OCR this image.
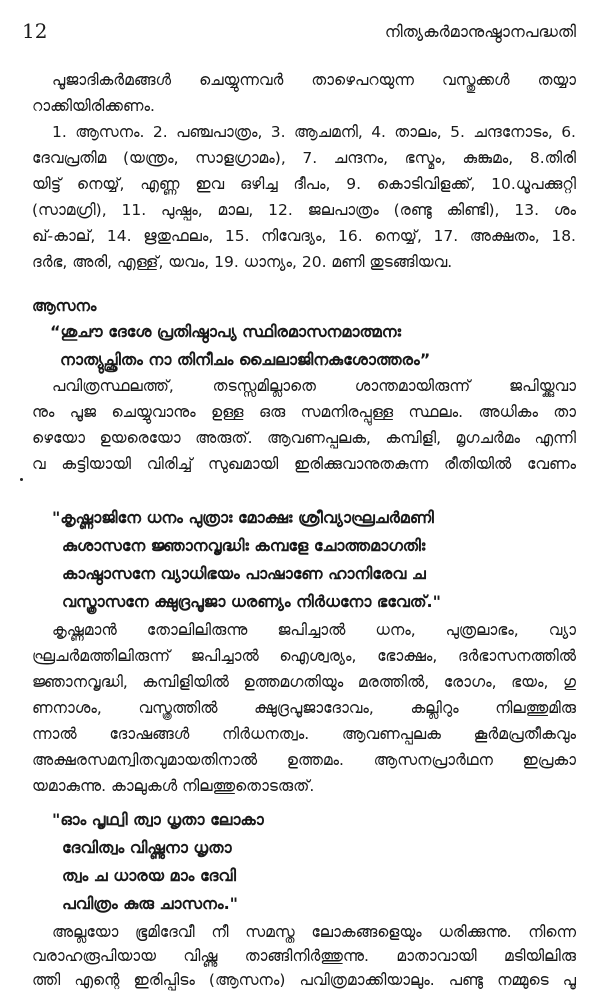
12	നിത്യകർമാനുഷ്ഠാനപദ്ധതി
പൂജാദികർമങ്ങൾ ചെയ്യുന്നവർ താഴെപറയുന്ന വസ്തുക്കൾ തയ്യാ
റാക്കിയിരിക്കണം.
1. ആസനം. 2. പഞ്ചപാത്രം, 3. ആചമനി, 4. താലം, 5. ചന്ദനോടം, 6.
ദേവപ്രതിമ (യന്ത്രം, സാളഗ്രാമം), 7. ചന്ദനം, ഭസ്മം, കുങ്കുമം, 8.തിരി
യിട്ട് നെയ്യ്, എണ്ണ ഇവ ഒഴിച്ച ദീപം, 9. കൊടിവിളക്ക്, 10.ധൂപക്കുറ്റി
(സാമഗ്രി), 11. പുഷ്പം, മാല, 12. ജലപാത്രം (രണ്ടു കിണ്ടി), 13. ശം
ഖ്-കാല്, 14. ഋതുഫലം, 15. നിവേദ്യം, 16. നെയ്യ്, 17. അക്ഷതം, 18.
ദർഭ, അരി, എള്ള്, യവം, 19. ധാന്യം, 20. മണി തുടങ്ങിയവ.
ആസനം
“ശുചൗ ദേശേ പ്രതിഷ്ഠാപ്യ സ്ഥിരമാസനമാത്മനഃ
നാത്യുച്ഛ്രിതം നാ തിനീചം ചൈലാജിനകുശോത്തരം”
പവിത്രസ്ഥലത്ത്, തടസ്സമില്ലാതെ ശാന്തമായിരുന്ന് ജപിയ്ക്കുവാ
നും പൂജ ചെയ്യുവാനും ഉള്ള ഒരു സമനിരപ്പുള്ള സ്ഥലം. അധികം താ
ഴെയോ ഉയരെയോ അരുത്. ആവണപ്പലക, കമ്പിളി, മൃഗചർമം എന്നി
വ കട്ടിയായി വിരിച്ച് സുഖമായി ഇരിക്കുവാനുതകുന്ന രീതിയിൽ വേണം
"കൃഷ്ണാജിനേ ധനം പുത്രാഃ മോക്ഷഃ ശ്രീവ്യാഘ്രചർമണി
കുശാസനേ ജ്ഞാനവൃദ്ധിഃ കമ്പളേ ചോത്തമാഗതിഃ
കാഷ്ഠാസനേ വ്യാധിഭയം പാഷാണേ ഹാനിരേവ ച
വസ്ത്രാസനേ ക്ഷുദ്രപൂജാ ധരണ്യം നിർധനോ ഭവേത്."
കൃഷ്ണമാൻ തോലിലിരുന്നു ജപിച്ചാൽ ധനം, പുത്രലാഭം, വ്യാ
ഘ്രചർമത്തിലിരുന്ന് ജപിച്ചാൽ ഐശ്വര്യം, ഭോക്ഷം, ദർഭാസനത്തിൽ
ജ്ഞാനവൃദ്ധി, കമ്പിളിയിൽ ഉത്തമഗതിയും മരത്തിൽ, രോഗം, ഭയം, ഗു
ണനാശം, വസ്ത്രത്തിൽ ക്ഷുദ്രപൂജാദോവം, കല്ലിറും നിലത്തുമിരു
ന്നാൽ ദോഷങ്ങൾ നിർധനത്വം. ആവണപ്പലക കൂർമപ്രതീകവും
അക്ഷരസമന്വിതവുമായതിനാൽ ഉത്തമം. ആസനപ്രാർഥന ഇപ്രകാ
യമാകുന്നു. കാലുകൾ നിലത്തുതൊടരുത്.
"ഓം പൃഥ്വി ത്വാ ധൃതാ ലോകാ
ദേവിത്വം വിഷ്ണുനാ ധൃതാ
ത്വം ച ധാരയ മാം ദേവി
പവിത്രം കുരു ചാസനം."
അല്ലയോ ഭൂമിദേവീ നീ സമസ്ത ലോകങ്ങളെയും ധരിക്കുന്നു. നിന്നെ
വരാഹരൂപിയായ വിഷ്ണു താങ്ങിനിർത്തുന്നു. മാതാവായി മടിയിലിരു
ത്തി എന്റെ ഇരിപ്പിടം (ആസനം) പവിത്രമാക്കിയാലും. പണ്ടു നമ്മുടെ പൂ
